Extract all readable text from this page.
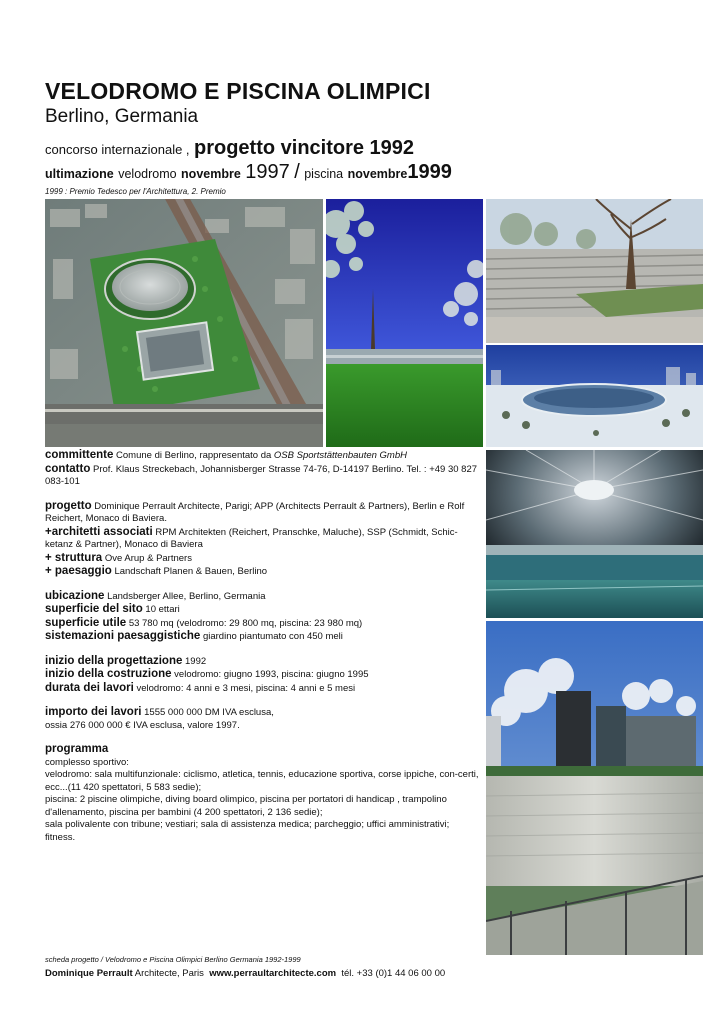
VELODROMO E PISCINA OLIMPICI
Berlino, Germania
concorso internazionale , progetto vincitore 1992
ultimazione velodromo novembre 1997 / piscina novembre1999
1999 : Premio Tedesco per l'Architettura, 2. Premio
committente Comune di Berlino, rappresentato da OSB Sportstättenbauten GmbH
contatto Prof. Klaus Streckebach, Johannisberger Strasse 74-76, D-14197 Berlino. Tel. : +49 30 827 083-101
progetto Dominique Perrault Architecte, Parigi; APP (Architects Perrault & Partners), Berlin e Rolf Reichert, Monaco di Baviera.
+architetti associati RPM Architekten (Reichert, Pranschke, Maluche), SSP (Schmidt, Schic-ketanz & Partner), Monaco di Baviera
+ struttura Ove Arup & Partners
+ paesaggio Landschaft Planen & Bauen, Berlino
ubicazione Landsberger Allee, Berlino, Germania
superficie del sito 10 ettari
superficie utile 53 780 mq (velodromo: 29 800 mq, piscina: 23 980 mq)
sistemazioni paesaggistiche giardino piantumato con 450 meli
inizio della progettazione 1992
inizio della costruzione velodromo: giugno 1993, piscina: giugno 1995
durata dei lavori velodromo: 4 anni e 3 mesi, piscina: 4 anni e 5 mesi
importo dei lavori 1555 000 000 DM IVA esclusa,
ossia 276 000 000 € IVA esclusa, valore 1997.
programma
complesso sportivo:
velodromo: sala multifunzionale: ciclismo, atletica, tennis, educazione sportiva, corse ippiche, con-certi, ecc...(11 420 spettatori, 5 583 sedie);
piscina: 2 piscine olimpiche, diving board olimpico, piscina per portatori di handicap , trampolino d'allenamento, piscina per bambini (4 200 spettatori, 2 136 sedie);
sala polivalente con tribune; vestiari; sala di assistenza medica; parcheggio; uffici amministrativi; fitness.
scheda progetto / Velodromo e Piscina Olimpici Berlino Germania 1992-1999
Dominique Perrault Architecte, Paris www.perraultarchitecte.com tél. +33 (0)1 44 06 00 00
